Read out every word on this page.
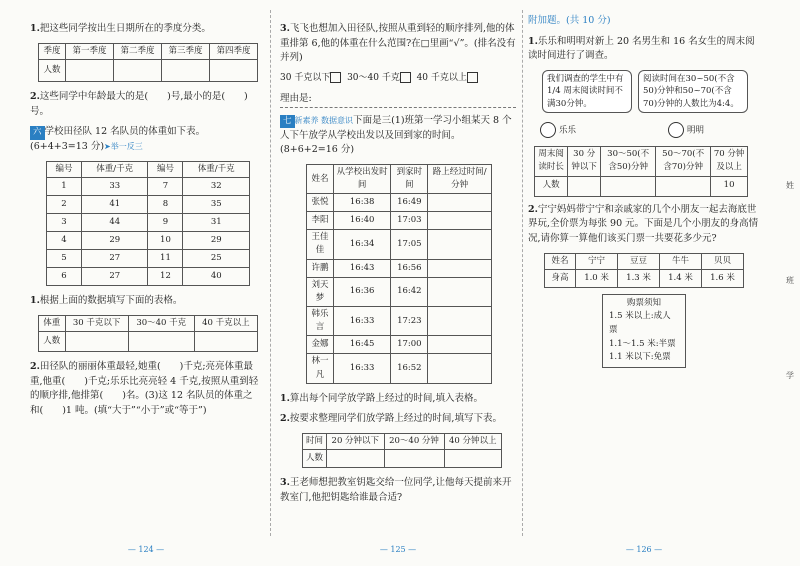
1.把这些同学按出生日期所在的季度分类。
季度	第一季度	第二季度	第三季度	第四季度
人数				
2.这些同学中年龄最大的是(　　)号,最小的是(　　)号。
六 学校田径队 12 名队员的体重如下表。(6+4+3=13 分)➤举一反三
编号	体重/千克	编号	体重/千克
1	33	7	32
2	41	8	35
3	44	9	31
4	29	10	29
5	27	11	25
6	27	12	40
1.根据上面的数据填写下面的表格。
体重	30 千克以下	30～40 千克	40 千克以上
人数			
2.田径队的丽丽体重最轻,她重(　　)千克;亮亮体重最重,他重(　　)千克;乐乐比亮亮轻 4 千克,按照从重到轻的顺序排,他排第(　　)名。(3)这 12 名队员的体重之和(　　)1 吨。(填“大于”“小于”或“等于”)
— 124 —
3.飞飞也想加入田径队,按照从重到轻的顺序排列,他的体重排第 6,他的体重在什么范围?在□里画“√”。(排名没有并列)
30 千克以下 30～40 千克 40 千克以上
理由是:
七 新素养 数据意识下面是三(1)班第一学习小组某天 8 个人下午放学从学校出发以及回到家的时间。(8+6+2=16 分)
姓名	从学校出发时间	到家时间	路上经过时间/分钟
张悦	16:38	16:49	
李阳	16:40	17:03	
王佳佳	16:34	17:05	
许鹏	16:43	16:56	
刘天梦	16:36	16:42	
韩乐言	16:33	17:23	
金娜	16:45	17:00	
林一凡	16:33	16:52	
1.算出每个同学放学路上经过的时间,填入表格。
2.按要求整理同学们放学路上经过的时间,填写下表。
时间	20 分钟以下	20～40 分钟	40 分钟以上
人数			
3.王老师想把教室钥匙交给一位同学,让他每天提前来开教室门,他把钥匙给谁最合适?
— 125 —
附加题。(共 10 分)
1.乐乐和明明对新上 20 名男生和 16 名女生的周末阅读时间进行了调查。
我们调查的学生中有 1/4 周末阅读时间不满30分钟。
阅读时间在30~50(不含50)分钟和50~70(不含70)分钟的人数比为4:4。
乐乐	明明
周末阅读时长	30 分钟以下	30～50(不含50)分钟	50～70(不含70)分钟	70 分钟及以上
人数				10
2.宁宁妈妈带宁宁和亲戚家的几个小朋友一起去海底世界玩,全价票为每张 90 元。下面是几个小朋友的身高情况,请你算一算他们该买门票一共要花多少元?
姓名	宁宁	豆豆	牛牛	贝贝
身高	1.0 米	1.3 米	1.4 米	1.6 米
购票须知
1.5 米以上:成人票
1.1～1.5 米:半票
1.1 米以下:免票
— 126 —
姓
班
学
